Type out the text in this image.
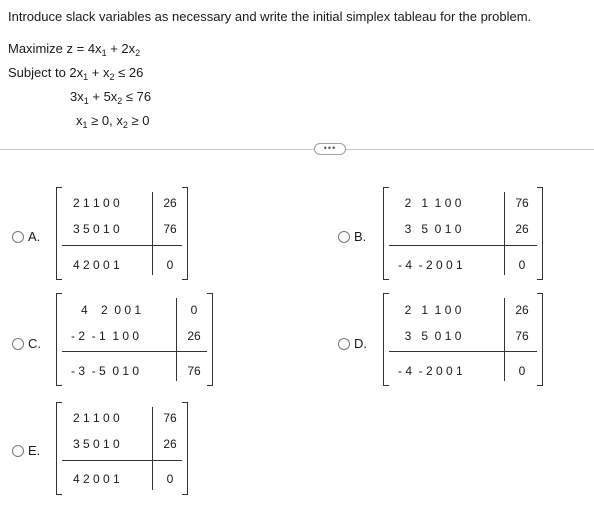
Introduce slack variables as necessary and write the initial simplex tableau for the problem.
Maximize $z = 4x_1 + 2x_2$
Subject to $2x_1 + x_2 \le 26$
$3x_1 + 5x_2 \le 76$
$x_1 \ge 0$, $x_2 \ge 0$
•••
A.
2 1 1 0 0
3 5 0 1 0
4 2 0 0 1
26
76
0
B.
2   1  1 0 0
3   5  0 1 0
- 4  - 2 0 0 1
76
26
0
C.
4    2  0 0 1
- 2  - 1  1 0 0
- 3  - 5  0 1 0
0
26
76
D.
2   1  1 0 0
3   5  0 1 0
- 4  - 2 0 0 1
26
76
0
E.
2 1 1 0 0
3 5 0 1 0
4 2 0 0 1
76
26
0
